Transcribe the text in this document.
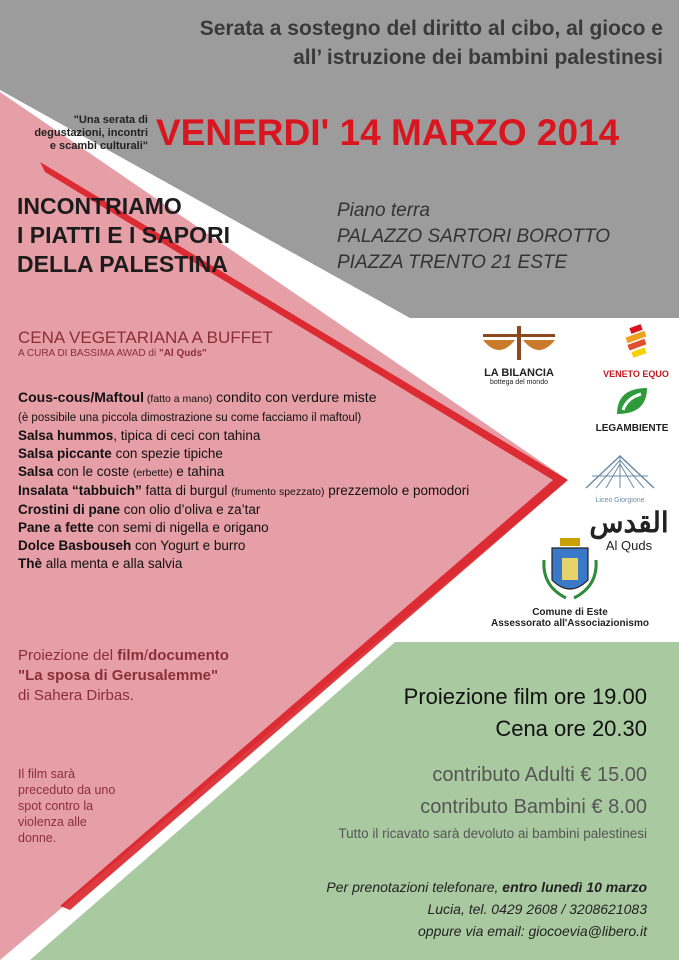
Serata a sostegno del diritto al cibo, al gioco e
all’ istruzione dei bambini palestinesi
"Una serata di
degustazioni, incontri
e scambi culturali" VENERDI' 14 MARZO 2014
INCONTRIAMO
I PIATTI E I SAPORI
DELLA PALESTINA
Piano terra
PALAZZO SARTORI BOROTTO
PIAZZA TRENTO 21 ESTE
CENA VEGETARIANA A BUFFET
A CURA DI BASSIMA AWAD di "Al Quds"
Cous-cous/Maftoul (fatto a mano) condito con verdure miste
(è possibile una piccola dimostrazione su come facciamo il maftoul)
Salsa hummos, tipica di ceci con tahina
Salsa piccante con spezie tipiche
Salsa con le coste (erbette) e tahina
Insalata “tabbuich” fatta di burgul (frumento spezzato) prezzemolo e pomodori
Crostini di pane con olio d’oliva e za’tar
Pane a fette con semi di nigella e origano
Dolce Basbouseh con Yogurt e burro
Thè alla menta e alla salvia
Proiezione del film/documento
"La sposa di Gerusalemme"
di Sahera Dirbas.
Il film sarà preceduto da uno spot contro la violenza alle donne.
LA BILANCIA
bottega del mondo
VENETO EQUO
LEGAMBIENTE
Liceo Giorgione
القدس
Al Quds
Comune di Este
Assessorato all'Associazionismo
Proiezione film ore 19.00
Cena ore 20.30
contributo Adulti € 15.00
contributo Bambini € 8.00
Tutto il ricavato sarà devoluto ai bambini palestinesi
Per prenotazioni telefonare, entro lunedì 10 marzo
Lucia, tel. 0429 2608 / 3208621083
oppure via email: giocoevia@libero.it
